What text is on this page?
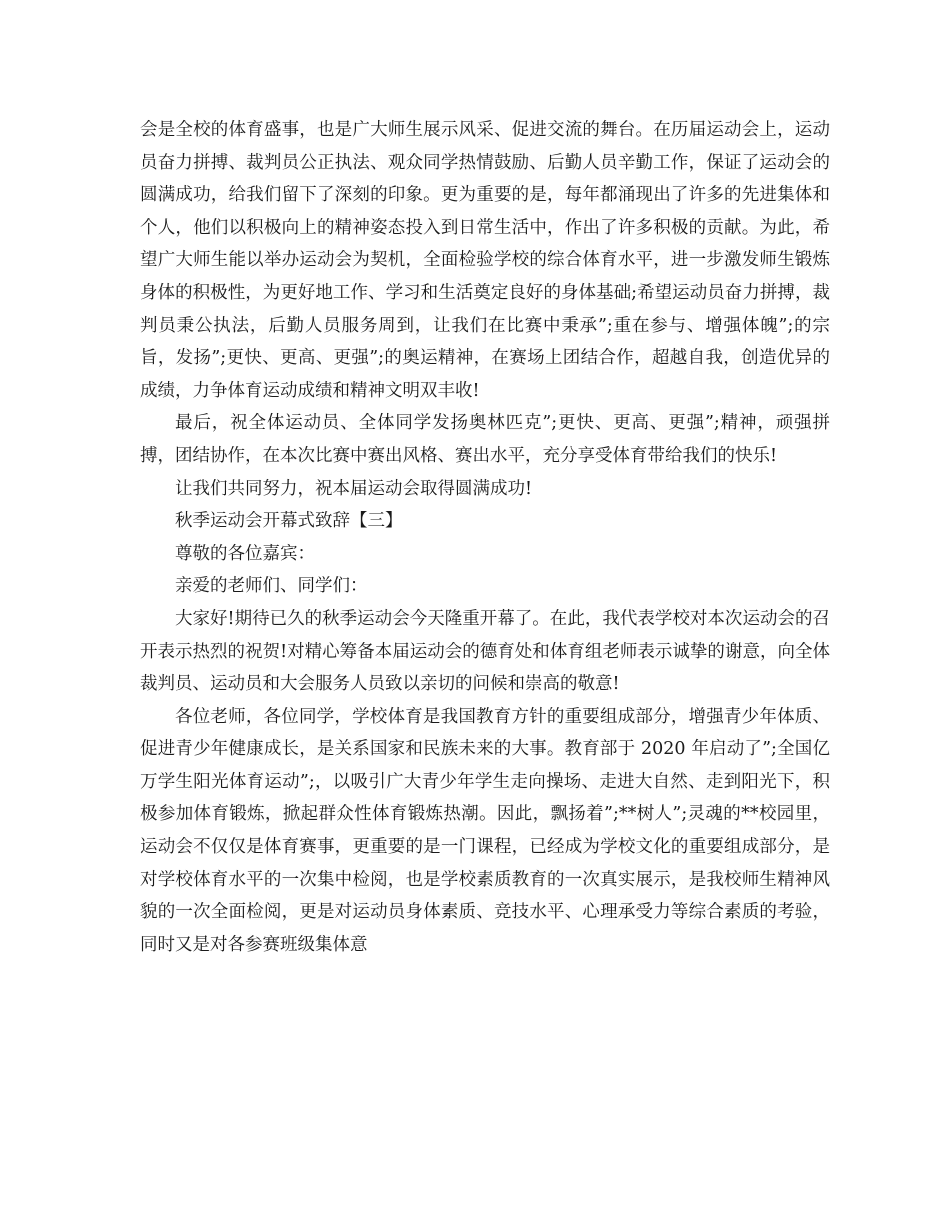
会是全校的体育盛事，也是广大师生展示风采、促进交流的舞台。在历届运动会上，运动员奋力拼搏、裁判员公正执法、观众同学热情鼓励、后勤人员辛勤工作，保证了运动会的圆满成功，给我们留下了深刻的印象。更为重要的是，每年都涌现出了许多的先进集体和个人，他们以积极向上的精神姿态投入到日常生活中，作出了许多积极的贡献。为此，希望广大师生能以举办运动会为契机，全面检验学校的综合体育水平，进一步激发师生锻炼身体的积极性，为更好地工作、学习和生活奠定良好的身体基础;希望运动员奋力拼搏，裁判员秉公执法，后勤人员服务周到，让我们在比赛中秉承”;重在参与、增强体魄”;的宗旨，发扬”;更快、更高、更强”;的奥运精神，在赛场上团结合作，超越自我，创造优异的成绩，力争体育运动成绩和精神文明双丰收!

最后，祝全体运动员、全体同学发扬奥林匹克”;更快、更高、更强”;精神，顽强拼搏，团结协作，在本次比赛中赛出风格、赛出水平，充分享受体育带给我们的快乐!

让我们共同努力，祝本届运动会取得圆满成功!

秋季运动会开幕式致辞【三】

尊敬的各位嘉宾：

亲爱的老师们、同学们：

大家好!期待已久的秋季运动会今天隆重开幕了。在此，我代表学校对本次运动会的召开表示热烈的祝贺!对精心筹备本届运动会的德育处和体育组老师表示诚挚的谢意，向全体裁判员、运动员和大会服务人员致以亲切的问候和崇高的敬意!

各位老师，各位同学，学校体育是我国教育方针的重要组成部分，增强青少年体质、促进青少年健康成长，是关系国家和民族未来的大事。教育部于 2020 年启动了”;全国亿万学生阳光体育运动”;，以吸引广大青少年学生走向操场、走进大自然、走到阳光下，积极参加体育锻炼，掀起群众性体育锻炼热潮。因此，飘扬着”;**树人”;灵魂的**校园里，运动会不仅仅是体育赛事，更重要的是一门课程，已经成为学校文化的重要组成部分，是对学校体育水平的一次集中检阅，也是学校素质教育的一次真实展示，是我校师生精神风貌的一次全面检阅，更是对运动员身体素质、竞技水平、心理承受力等综合素质的考验，同时又是对各参赛班级集体意
